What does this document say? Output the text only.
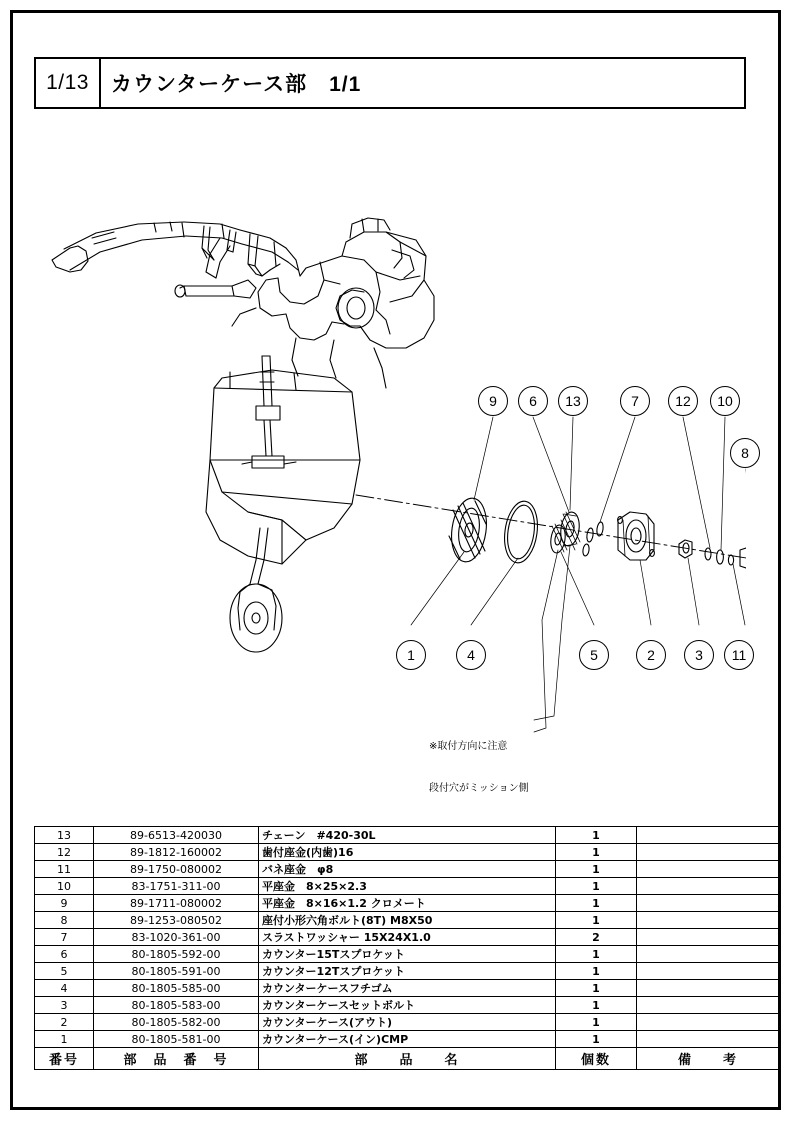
1/13	カウンターケース部　1/1
9	6	13	7	12	10
8
1	4	5	2	3	11

※取付方向に注意

段付穴がミッション側

13	89-6513-420030	チェーン　#420-30L	1	
12	89-1812-160002	歯付座金(内歯)16	1	
11	89-1750-080002	バネ座金　φ8	1	
10	83-1751-311-00	平座金　8×25×2.3	1	
9	89-1711-080002	平座金　8×16×1.2 クロメート	1	
8	89-1253-080502	座付小形六角ボルト(8T) M8X50	1	
7	83-1020-361-00	スラストワッシャー 15X24X1.0	2	
6	80-1805-592-00	カウンター15Tスプロケット	1	
5	80-1805-591-00	カウンター12Tスプロケット	1	
4	80-1805-585-00	カウンターケースフチゴム	1	
3	80-1805-583-00	カウンターケースセットボルト	1	
2	80-1805-582-00	カウンターケース(アウト)	1	
1	80-1805-581-00	カウンターケース(イン)CMP	1	
番号	部　品　番　号	部　　品　　名	個数	備　　考
